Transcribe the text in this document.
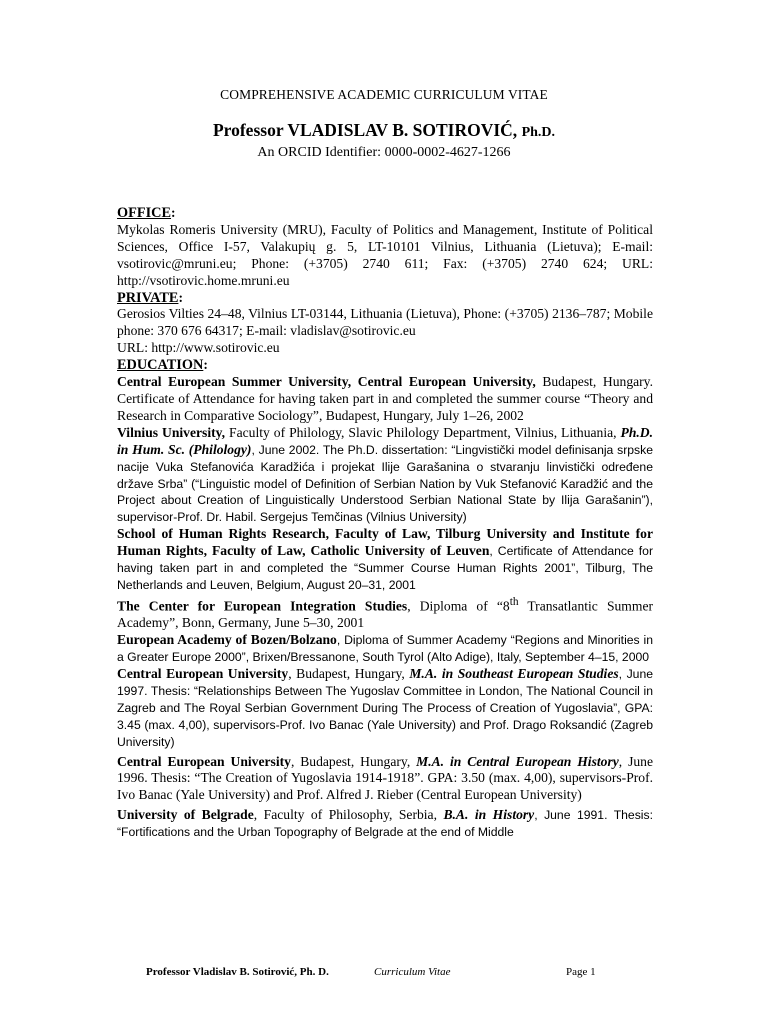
COMPREHENSIVE ACADEMIC CURRICULUM VITAE
Professor VLADISLAV B. SOTIROVIĆ, Ph.D.
An ORCID Identifier: 0000-0002-4627-1266

OFFICE:

Mykolas Romeris University (MRU), Faculty of Politics and Management, Institute of Political Sciences, Office I-57, Valakupių g. 5, LT-10101 Vilnius, Lithuania (Lietuva); E-mail: vsotirovic@mruni.eu; Phone: (+3705) 2740 611; Fax: (+3705) 2740 624; URL: http://vsotirovic.home.mruni.eu

PRIVATE:

Gerosios Vilties 24–48, Vilnius LT-03144, Lithuania (Lietuva), Phone: (+3705) 2136–787; Mobile phone: 370 676 64317; E-mail: vladislav@sotirovic.eu

URL: http://www.sotirovic.eu

EDUCATION:

Central European Summer University, Central European University, Budapest, Hungary. Certificate of Attendance for having taken part in and completed the summer course “Theory and Research in Comparative Sociology”, Budapest, Hungary, July 1–26, 2002

Vilnius University, Faculty of Philology, Slavic Philology Department, Vilnius, Lithuania, Ph.D. in Hum. Sc. (Philology), June 2002. The Ph.D. dissertation: “Lingvistički model definisanja srpske nacije Vuka Stefanovića Karadžića i projekat Ilije Garašanina o stvaranju linvistički određene države Srba” (“Linguistic model of Definition of Serbian Nation by Vuk Stefanović Karadžić and the Project about Creation of Linguistically Understood Serbian National State by Ilija Garašanin”), supervisor-Prof. Dr. Habil. Sergejus Temčinas (Vilnius University)

School of Human Rights Research, Faculty of Law, Tilburg University and Institute for Human Rights, Faculty of Law, Catholic University of Leuven, Certificate of Attendance for having taken part in and completed the “Summer Course Human Rights 2001”, Tilburg, The Netherlands and Leuven, Belgium, August 20–31, 2001

The Center for European Integration Studies, Diploma of “8th Transatlantic Summer Academy”, Bonn, Germany, June 5–30, 2001

European Academy of Bozen/Bolzano, Diploma of Summer Academy “Regions and Minorities in a Greater Europe 2000”, Brixen/Bressanone, South Tyrol (Alto Adige), Italy, September 4–15, 2000

Central European University, Budapest, Hungary, M.A. in Southeast European Studies, June 1997. Thesis: “Relationships Between The Yugoslav Committee in London, The National Council in Zagreb and The Royal Serbian Government During The Process of Creation of Yugoslavia”, GPA: 3.45 (max. 4,00), supervisors-Prof. Ivo Banac (Yale University) and Prof. Drago Roksandić (Zagreb University)

Central European University, Budapest, Hungary, M.A. in Central European History, June 1996. Thesis: “The Creation of Yugoslavia 1914-1918”. GPA: 3.50 (max. 4,00), supervisors-Prof. Ivo Banac (Yale University) and Prof. Alfred J. Rieber (Central European University)

University of Belgrade, Faculty of Philosophy, Serbia, B.A. in History, June 1991. Thesis: “Fortifications and the Urban Topography of Belgrade at the end of Middle

Professor Vladislav B. Sotirović, Ph. D.	Curriculum Vitae	Page 1
